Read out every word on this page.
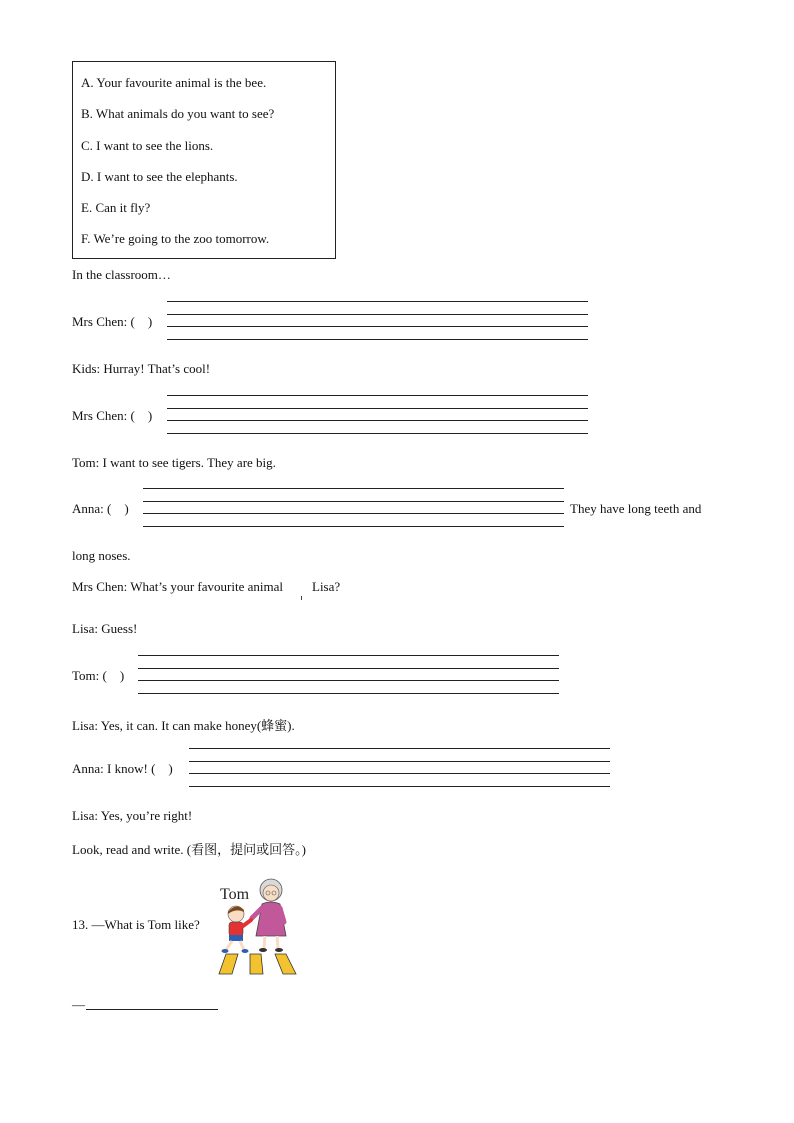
A. Your favourite animal is the bee.
B. What animals do you want to see?
C. I want to see the lions.
D. I want to see the elephants.
E. Can it fly?
F. We’re going to the zoo tomorrow.
In the classroom…
Mrs Chen: (    )
Kids: Hurray! That’s cool!
Mrs Chen: (    )
Tom: I want to see tigers. They are big.
Anna: (    )	They have long teeth and
long noses.
Mrs Chen: What’s your favourite animal Lisa?
Lisa: Guess!
Tom: (    )
Lisa: Yes, it can. It can make honey(蜂蜜).
Anna: I know! (    )
Lisa: Yes, you’re right!
Look, read and write. (看图，提问或回答。)
13. —What is Tom like?
Tom
—
